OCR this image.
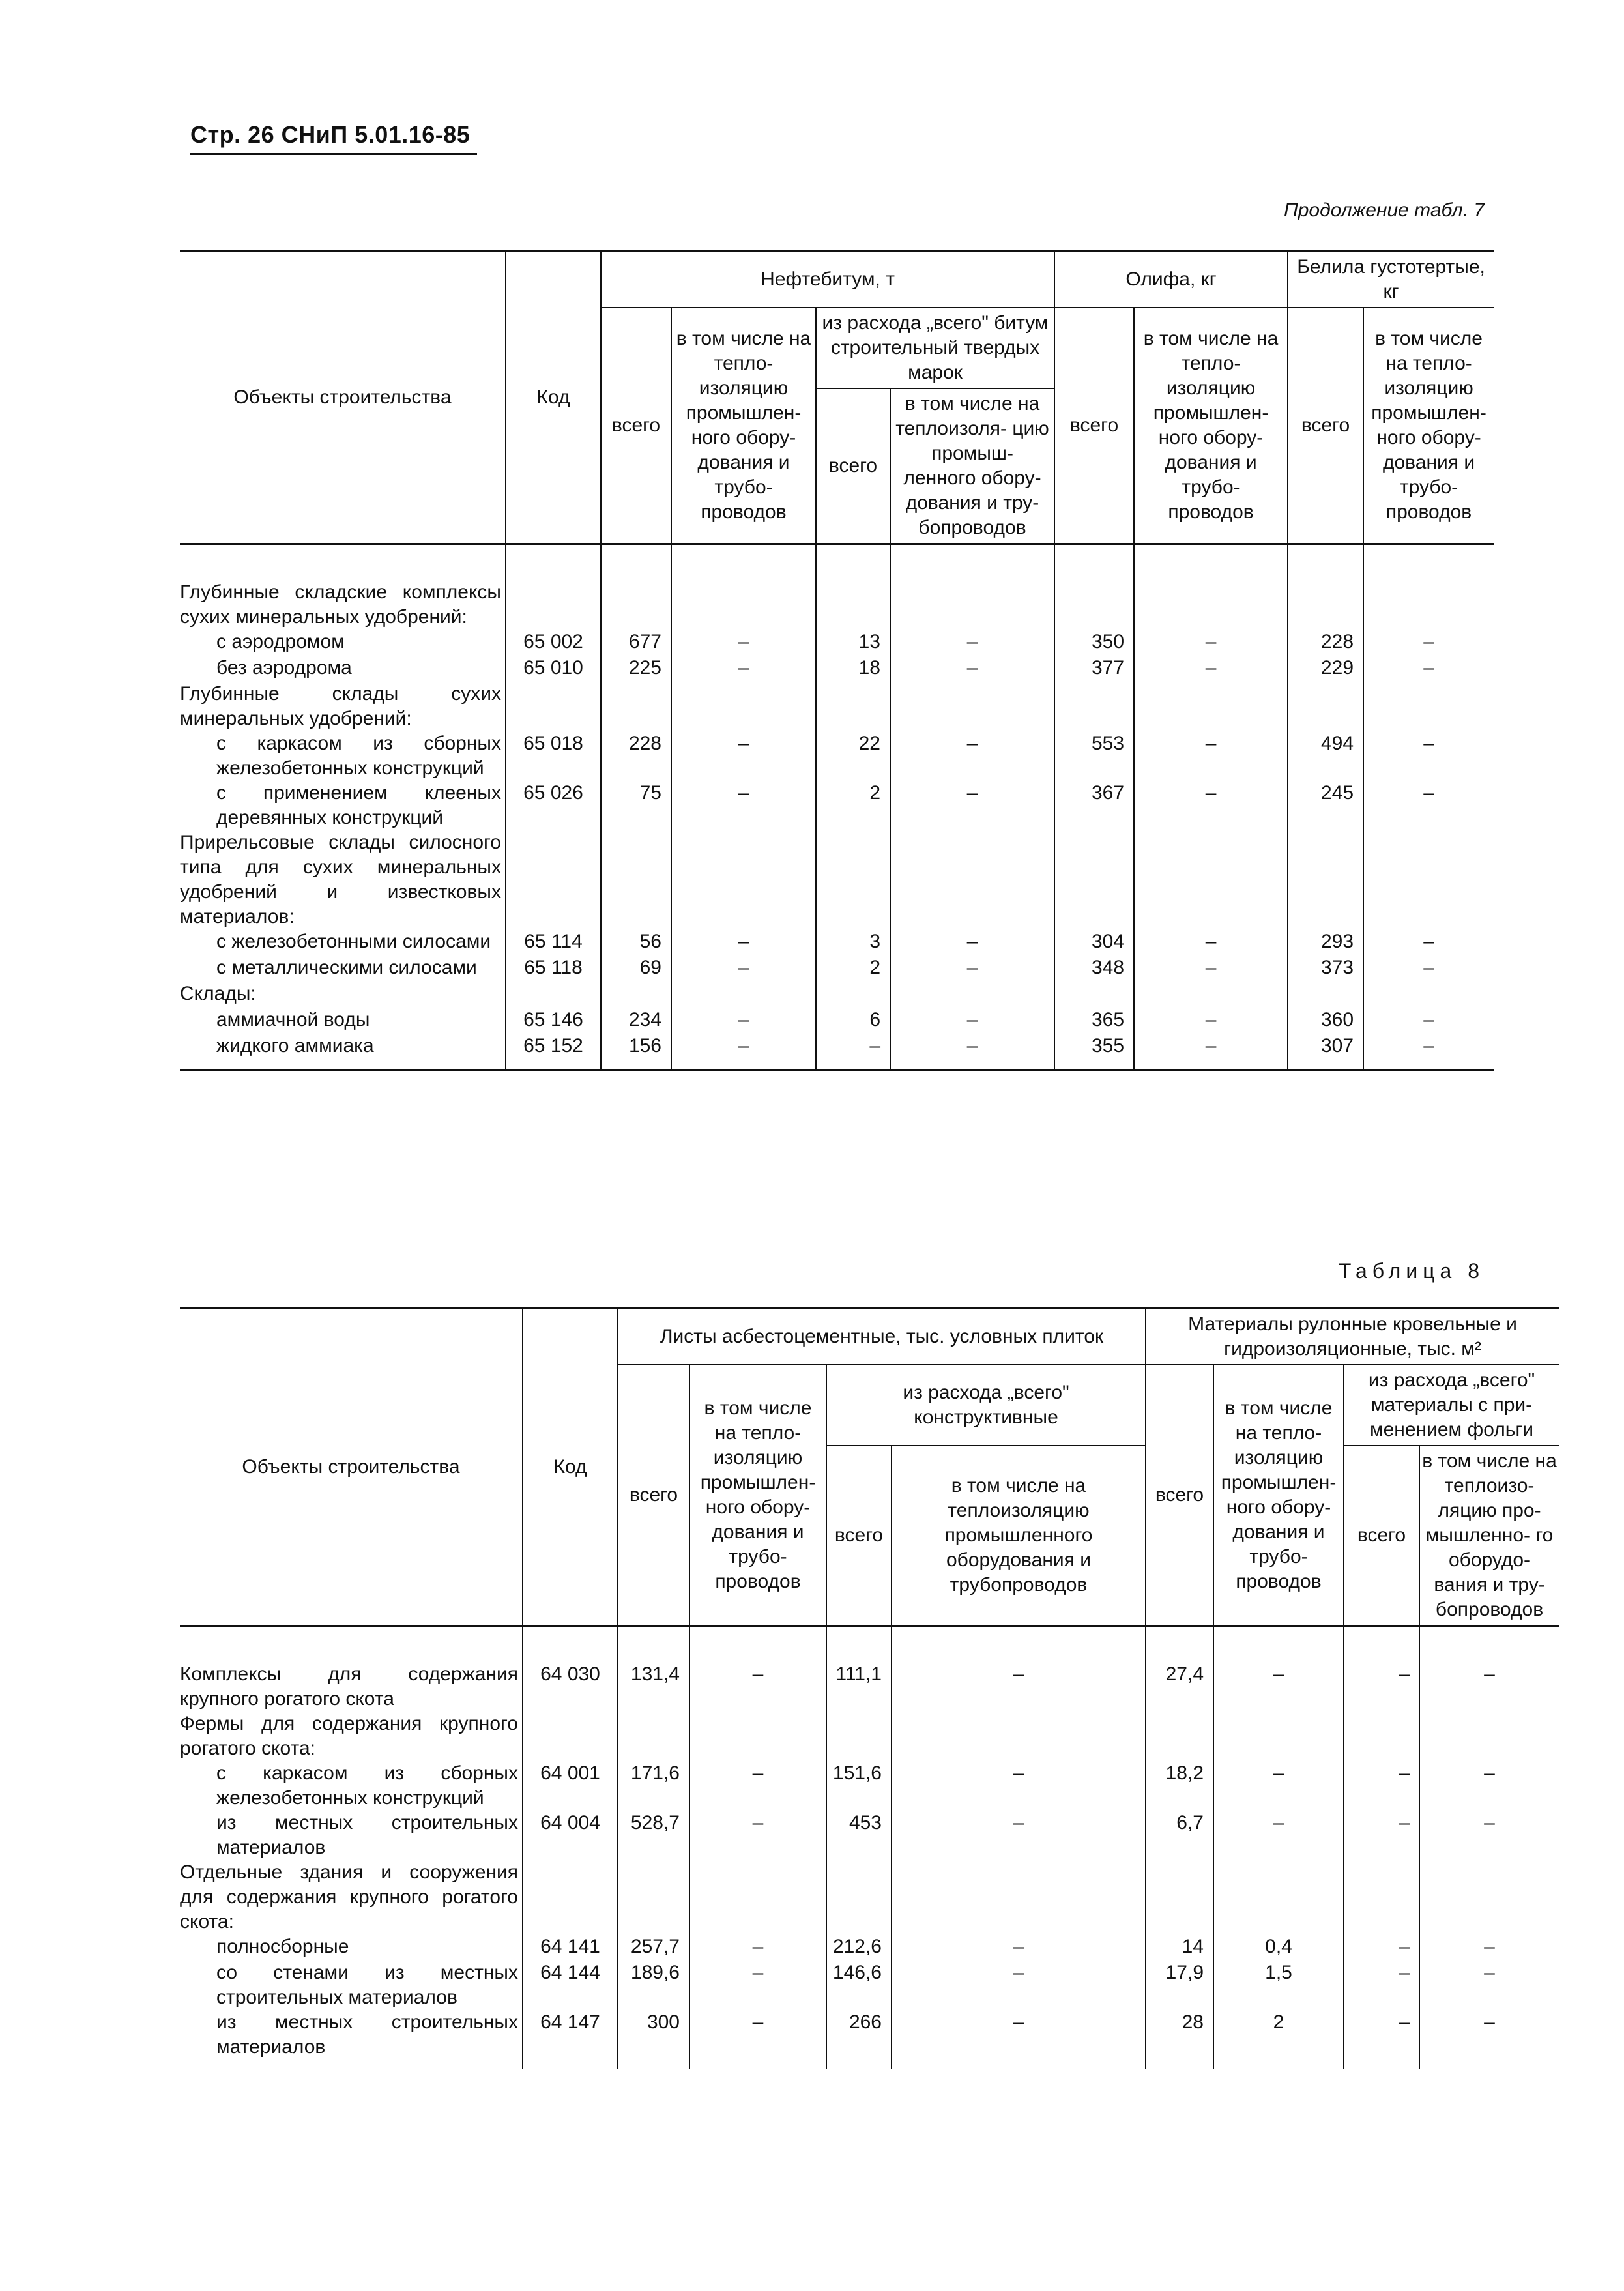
Стр. 26 СНиП 5.01.16-85
Продолжение табл. 7
Объекты строительства	Код	Нефтебитум, т				Олифа, кг		Белила густотертые, кг	
		всего	в том числе на тепло- изоляцию промышлен- ного обору- дования и трубо- проводов	из расхода „всего" битум строительный твердых марок		всего	в том числе на тепло- изоляцию промышлен- ного обору- дования и трубо- проводов	всего	в том числе на тепло- изоляцию промышлен- ного обору- дования и трубо- проводов
				всего	в том числе на теплоизоля- цию промыш- ленного обору- дования и тру- бопроводов				

Глубинные складские комплексы сухих минеральных удобрений:									
с аэродромом	65 002	677	–	13	–	350	–	228	–
без аэродрома	65 010	225	–	18	–	377	–	229	–
Глубинные склады сухих минеральных удобрений:									
с каркасом из сборных железобетонных конструкций	65 018	228	–	22	–	553	–	494	–
с применением клееных деревянных конструкций	65 026	75	–	2	–	367	–	245	–
Прирельсовые склады силосного типа для сухих минеральных удобрений и известковых материалов:									
с железобетонными силосами	65 114	56	–	3	–	304	–	293	–
с металлическими силосами	65 118	69	–	2	–	348	–	373	–
Склады:									
аммиачной воды	65 146	234	–	6	–	365	–	360	–
жидкого аммиака	65 152	156	–	–	–	355	–	307	–

Таблица 8
Объекты строительства	Код	Листы асбестоцементные, тыс. условных плиток				Материалы рулонные кровельные и гидроизоляционные, тыс. м²			
		всего	в том числе на тепло- изоляцию промышлен- ного обору- дования и трубо- проводов	из расхода „всего" конструктивные		всего	в том числе на тепло- изоляцию промышлен- ного обору- дования и трубо- проводов	из расхода „всего" материалы с при- менением фольги	
				всего	в том числе на теплоизоляцию промышленного оборудования и трубопроводов			всего	в том числе на теплоизо- ляцию про- мышленно- го оборудо- вания и тру- бопроводов

Комплексы для содержания крупного рогатого скота	64 030	131,4	–	111,1	–	27,4	–	–	–
Фермы для содержания крупного рогатого скота:									
с каркасом из сборных железобетонных конструкций	64 001	171,6	–	151,6	–	18,2	–	–	–
из местных строительных материалов	64 004	528,7	–	453	–	6,7	–	–	–
Отдельные здания и сооружения для содержания крупного рогатого скота:									
полносборные	64 141	257,7	–	212,6	–	14	0,4	–	–
со стенами из местных строительных материалов	64 144	189,6	–	146,6	–	17,9	1,5	–	–
из местных строительных материалов	64 147	300	–	266	–	28	2	–	–
